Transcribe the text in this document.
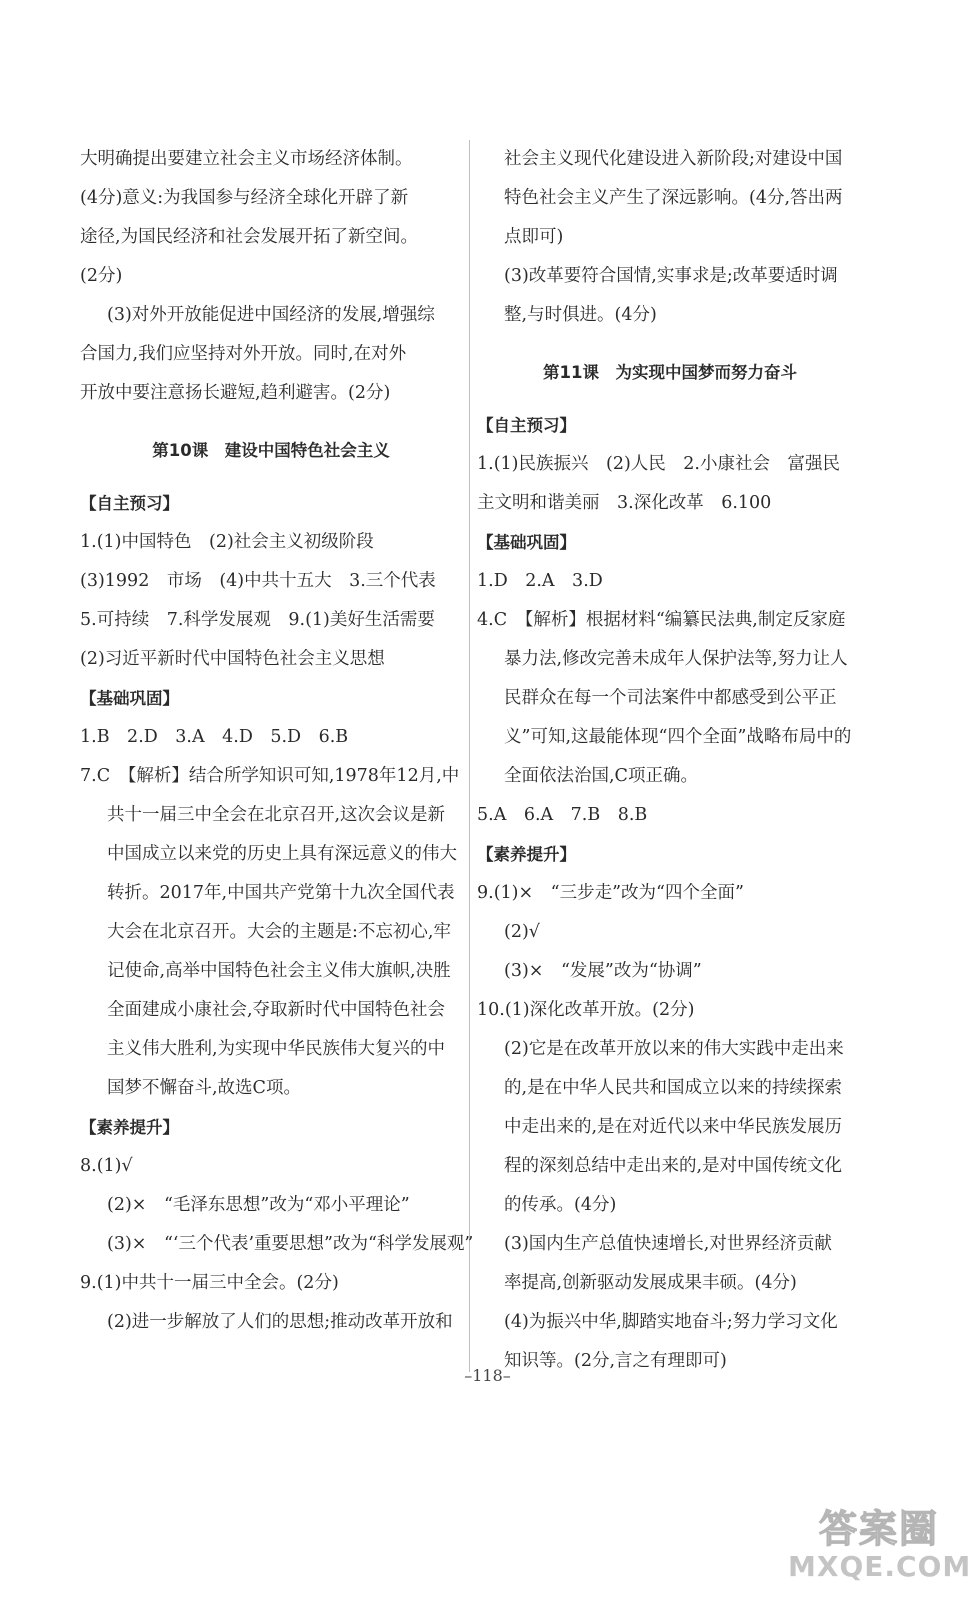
大明确提出要建立社会主义市场经济体制。
(4分)意义:为我国参与经济全球化开辟了新
途径,为国民经济和社会发展开拓了新空间。
(2分)
(3)对外开放能促进中国经济的发展,增强综
合国力,我们应坚持对外开放。同时,在对外
开放中要注意扬长避短,趋利避害。(2分)
第10课　建设中国特色社会主义
【自主预习】
1.(1)中国特色　(2)社会主义初级阶段
(3)1992　市场　(4)中共十五大　3.三个代表
5.可持续　7.科学发展观　9.(1)美好生活需要
(2)习近平新时代中国特色社会主义思想
【基础巩固】
1.B　2.D　3.A　4.D　5.D　6.B
7.C　【解析】结合所学知识可知,1978年12月,中
共十一届三中全会在北京召开,这次会议是新
中国成立以来党的历史上具有深远意义的伟大
转折。2017年,中国共产党第十九次全国代表
大会在北京召开。大会的主题是:不忘初心,牢
记使命,高举中国特色社会主义伟大旗帜,决胜
全面建成小康社会,夺取新时代中国特色社会
主义伟大胜利,为实现中华民族伟大复兴的中
国梦不懈奋斗,故选C项。
【素养提升】
8.(1)√
(2)×　“毛泽东思想”改为“邓小平理论”
(3)×　“‘三个代表’重要思想”改为“科学发展观”
9.(1)中共十一届三中全会。(2分)
(2)进一步解放了人们的思想;推动改革开放和
社会主义现代化建设进入新阶段;对建设中国
特色社会主义产生了深远影响。(4分,答出两
点即可)
(3)改革要符合国情,实事求是;改革要适时调
整,与时俱进。(4分)
第11课　为实现中国梦而努力奋斗
【自主预习】
1.(1)民族振兴　(2)人民　2.小康社会　富强民
主文明和谐美丽　3.深化改革　6.100
【基础巩固】
1.D　2.A　3.D
4.C　【解析】根据材料“编纂民法典,制定反家庭
暴力法,修改完善未成年人保护法等,努力让人
民群众在每一个司法案件中都感受到公平正
义”可知,这最能体现“四个全面”战略布局中的
全面依法治国,C项正确。
5.A　6.A　7.B　8.B
【素养提升】
9.(1)×　“三步走”改为“四个全面”
(2)√
(3)×　“发展”改为“协调”
10.(1)深化改革开放。(2分)
(2)它是在改革开放以来的伟大实践中走出来
的,是在中华人民共和国成立以来的持续探索
中走出来的,是在对近代以来中华民族发展历
程的深刻总结中走出来的,是对中国传统文化
的传承。(4分)
(3)国内生产总值快速增长,对世界经济贡献
率提高,创新驱动发展成果丰硕。(4分)
(4)为振兴中华,脚踏实地奋斗;努力学习文化
知识等。(2分,言之有理即可)
–118–
答案圈
MXQE.COM
